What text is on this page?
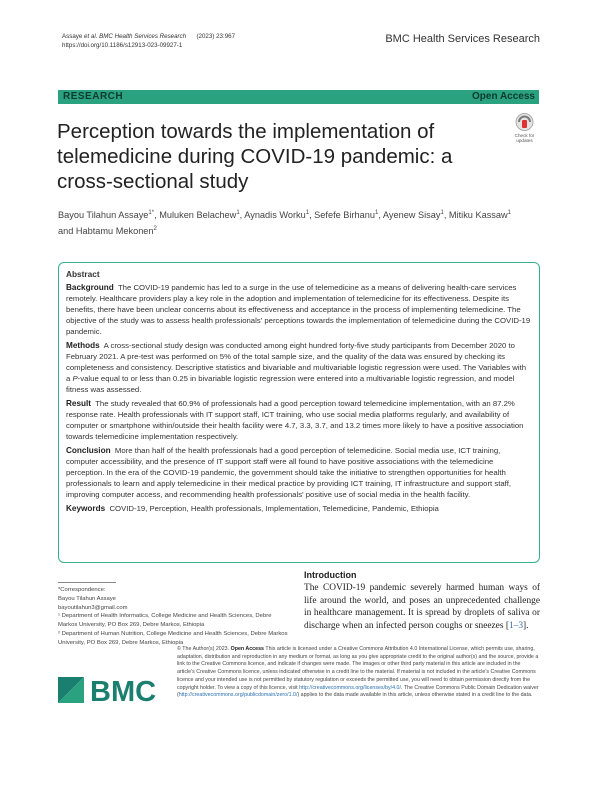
Assaye et al. BMC Health Services Research (2023) 23:967
https://doi.org/10.1186/s12913-023-09927-1	BMC Health Services Research
RESEARCH	Open Access
Check for
updates
Perception towards the implementation of telemedicine during COVID-19 pandemic: a cross-sectional study
Bayou Tilahun Assaye$^{1*}$, Muluken Belachew$^1$, Aynadis Worku$^1$, Sefefe Birhanu$^1$, Ayenew Sisay$^1$, Mitiku Kassaw$^1$ and Habtamu Mekonen$^2$
Abstract
Background The COVID-19 pandemic has led to a surge in the use of telemedicine as a means of delivering health-care services remotely. Healthcare providers play a key role in the adoption and implementation of telemedicine for its effectiveness. Despite its benefits, there have been unclear concerns about its effectiveness and acceptance in the process of implementing telemedicine. The objective of the study was to assess health professionals' perceptions towards the implementation of telemedicine during the COVID-19 pandemic.
Methods A cross-sectional study design was conducted among eight hundred forty-five study participants from December 2020 to February 2021. A pre-test was performed on 5% of the total sample size, and the quality of the data was ensured by checking its completeness and consistency. Descriptive statistics and bivariable and multivariable logistic regression were used. The Variables with a P-value equal to or less than 0.25 in bivariable logistic regression were entered into a multivariable logistic regression, and model fitness was assessed.
Result The study revealed that 60.9% of professionals had a good perception toward telemedicine implementation, with an 87.2% response rate. Health professionals with IT support staff, ICT training, who use social media platforms regularly, and availability of computer or smartphone within/outside their health facility were 4.7, 3.3, 3.7, and 13.2 times more likely to have a positive association towards telemedicine implementation respectively.
Conclusion More than half of the health professionals had a good perception of telemedicine. Social media use, ICT training, computer accessibility, and the presence of IT support staff were all found to have positive associations with the telemedicine perception. In the era of the COVID-19 pandemic, the government should take the initiative to strengthen opportunities for health professionals to learn and apply telemedicine in their medical practice by providing ICT training, IT infrastructure and support staff, improving computer access, and recommending health professionals' positive use of social media in the health facility.
Keywords COVID-19, Perception, Health professionals, Implementation, Telemedicine, Pandemic, Ethiopia
*Correspondence:
Bayou Tilahun Assaye
bayoutilahun3@gmail.com
¹ Department of Health Informatics, College Medicine and Health Sciences, Debre Markos University, PO Box 269, Debre Markos, Ethiopia
² Department of Human Nutrition, College Medicine and Health Sciences, Debre Markos University, PO Box 269, Debre Markos, Ethiopia
Introduction
The COVID-19 pandemic severely harmed human ways of life around the world, and poses an unprecedented challenge in healthcare management. It is spread by droplets of saliva or discharge when an infected person coughs or sneezes [1–3].
BMC
© The Author(s) 2023. Open Access This article is licensed under a Creative Commons Attribution 4.0 International License, which permits use, sharing, adaptation, distribution and reproduction in any medium or format, as long as you give appropriate credit to the original author(s) and the source, provide a link to the Creative Commons licence, and indicate if changes were made. The images or other third party material in this article are included in the article's Creative Commons licence, unless indicated otherwise in a credit line to the material. If material is not included in the article's Creative Commons licence and your intended use is not permitted by statutory regulation or exceeds the permitted use, you will need to obtain permission directly from the copyright holder. To view a copy of this licence, visit http://creativecommons.org/licenses/by/4.0/. The Creative Commons Public Domain Dedication waiver (http://creativecommons.org/publicdomain/zero/1.0/) applies to the data made available in this article, unless otherwise stated in a credit line to the data.
